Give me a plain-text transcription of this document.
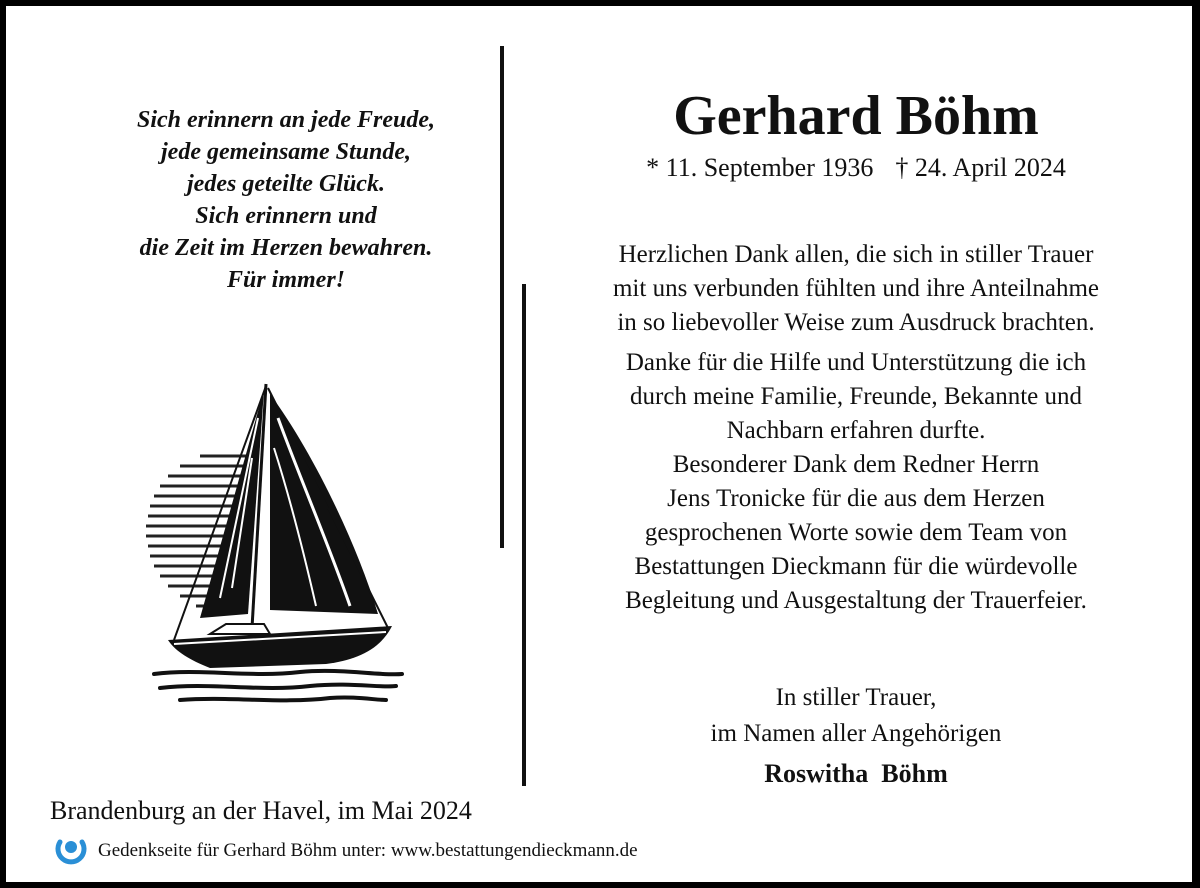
Sich erinnern an jede Freude,
jede gemeinsame Stunde,
jedes geteilte Glück.
Sich erinnern und
die Zeit im Herzen bewahren.
Für immer!
Gerhard Böhm
* 11. September 1936 † 24. April 2024
Herzlichen Dank allen, die sich in stiller Trauer
mit uns verbunden fühlten und ihre Anteilnahme
in so liebevoller Weise zum Ausdruck brachten.
Danke für die Hilfe und Unterstützung die ich
durch meine Familie, Freunde, Bekannte und
Nachbarn erfahren durfte.
Besonderer Dank dem Redner Herrn
Jens Tronicke für die aus dem Herzen
gesprochenen Worte sowie dem Team von
Bestattungen Dieckmann für die würdevolle
Begleitung und Ausgestaltung der Trauerfeier.
In stiller Trauer,
im Namen aller Angehörigen
Roswitha  Böhm
Brandenburg an der Havel, im Mai 2024
Gedenkseite für Gerhard Böhm unter: www.bestattungendieckmann.de
